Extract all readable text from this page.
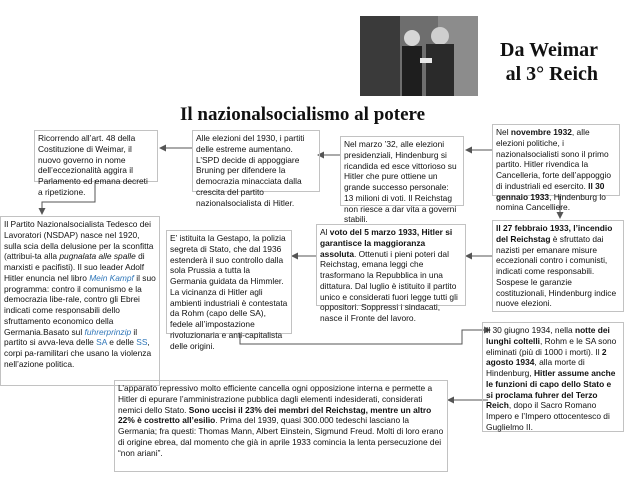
Da Weimar
al 3° Reich
Il nazionalsocialismo al potere
Ricorrendo all’art. 48 della Costituzione di Weimar, il nuovo governo in nome dell’eccezionalità aggira il Parlamento ed emana decreti a ripetizione.
Alle elezioni del 1930, i partiti delle estreme aumentano. L’SPD decide di appoggiare Bruning per difendere la democrazia minacciata dalla crescita del partito nazionalsocialista di Hitler.
Nel marzo ’32, alle elezioni presidenziali, Hindenburg si ricandida ed esce vittorioso su Hitler che pure ottiene un grande successo personale: 13 milioni di voti. Il Reichstag non riesce a dar vita a governi stabili.
Nel novembre 1932, alle elezioni politiche, i nazionalsocialisti sono il primo partito. Hitler rivendica la Cancelleria, forte dell’appoggio di industriali ed esercito. Il 30 gennaio 1933, Hindenburg lo nomina Cancelliere.
Il Partito Nazionalsocialista Tedesco dei Lavoratori (NSDAP) nasce nel 1920, sulla scia della delusione per la sconfitta (attribui-ta alla pugnalata alle spalle di marxisti e pacifisti). Il suo leader Adolf Hitler enuncia nel libro Mein Kampf il suo programma: contro il comunismo e la democrazia libe-rale, contro gli Ebrei indicati come responsabili dello sfruttamento economico della Germania.Basato sul fuhrerprinzip il partito si avva-leva delle SA e delle SS, corpi pa-ramilitari che usano la violenza nell’azione politica.
E’ istituita la Gestapo, la polizia segreta di Stato, che dal 1936 estenderà il suo controllo dalla sola Prussia a tutta la Germania guidata da Himmler. La vicinanza di Hitler agli ambienti industriali è contestata da Rohm (capo delle SA), fedele all’impostazione rivoluzionaria e anti-capitalista delle origini.
Al voto del 5 marzo 1933, Hitler si garantisce la maggioranza assoluta. Ottenuti i pieni poteri dal Reichstag, emana leggi che trasformano la Repubblica in una dittatura. Dal luglio è istituito il partito unico e considerati fuori legge tutti gli oppositori. Soppressi i sindacati, nasce il Fronte del lavoro.
Il 27 febbraio 1933, l’incendio del Reichstag è sfruttato dai nazisti per emanare misure eccezionali contro i comunisti, indicati come responsabili. Sospese le garanzie costituzionali, Hindenburg indice nuove elezioni.
Il 30 giugno 1934, nella notte dei lunghi coltelli, Rohm e le SA sono eliminati (più di 1000 i morti). Il 2 agosto 1934, alla morte di Hindenburg, Hitler assume anche le funzioni di capo dello Stato e si proclama fuhrer del Terzo Reich, dopo il Sacro Romano Impero e l’Impero ottocentesco di Guglielmo II.
L’apparato repressivo molto efficiente cancella ogni opposizione interna e permette a Hitler di epurare l’amministrazione pubblica dagli elementi indesiderati, considerati nemici dello Stato. Sono uccisi il 23% dei membri del Reichstag, mentre un altro 22% è costretto all’esilio. Prima del 1939, quasi 300.000 tedeschi lasciano la Germania; fra questi: Thomas Mann, Albert Einstein, Sigmund Freud. Molti di loro erano di origine ebrea, dal momento che già in aprile 1933 comincia la lenta persecuzione dei “non ariani”.
